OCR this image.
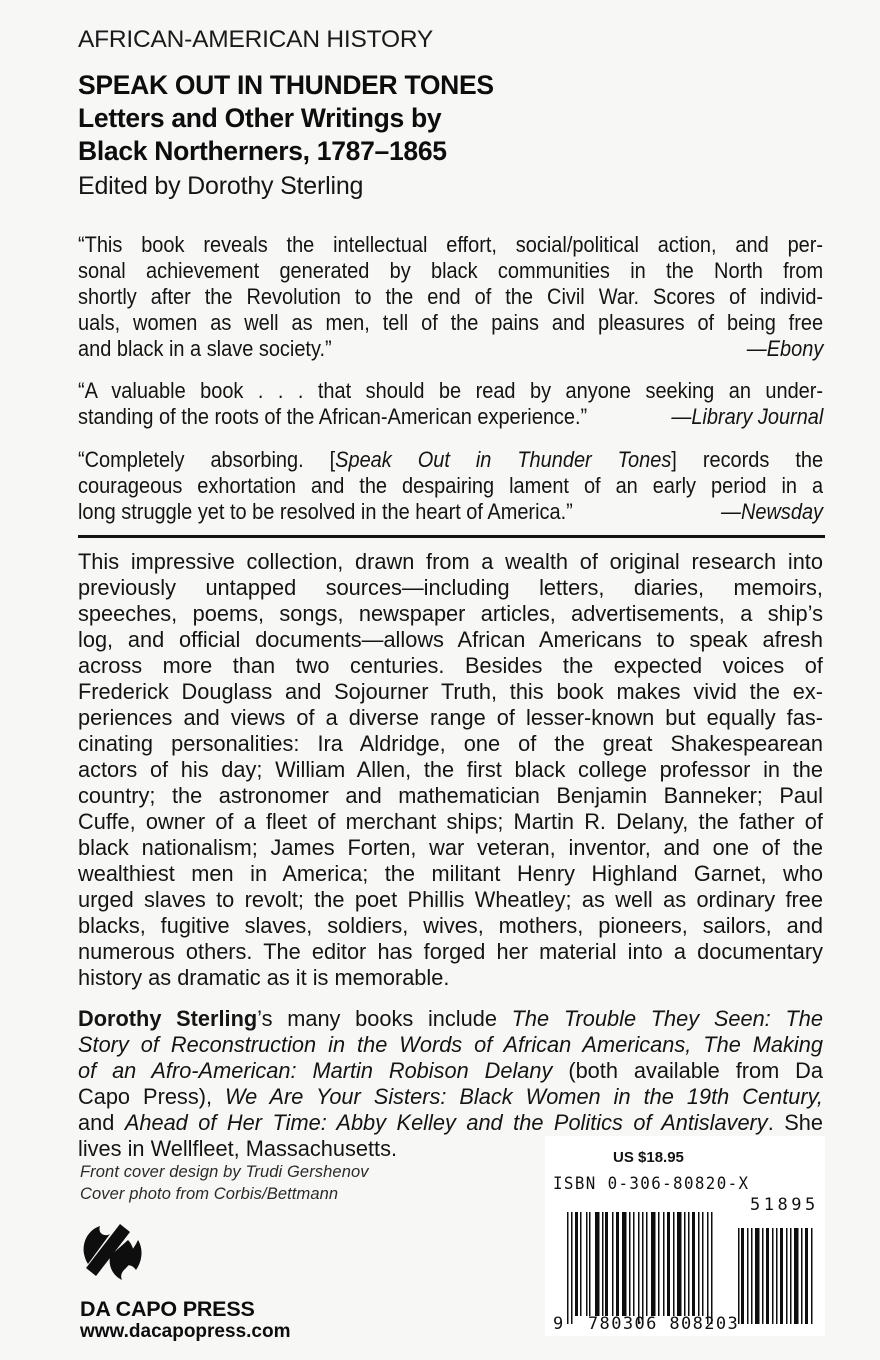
AFRICAN-AMERICAN HISTORY
SPEAK OUT IN THUNDER TONES
Letters and Other Writings by
Black Northerners, 1787–1865
Edited by Dorothy Sterling
“This book reveals the intellectual effort, social/political action, and per-
sonal achievement generated by black communities in the North from
shortly after the Revolution to the end of the Civil War. Scores of individ-
uals, women as well as men, tell of the pains and pleasures of being free
and black in a slave society.”	—Ebony
“A valuable book . . . that should be read by anyone seeking an under-
standing of the roots of the African-American experience.”	—Library Journal
“Completely absorbing. [Speak Out in Thunder Tones] records the
courageous exhortation and the despairing lament of an early period in a
long struggle yet to be resolved in the heart of America.”	—Newsday
This impressive collection, drawn from a wealth of original research into
previously untapped sources—including letters, diaries, memoirs,
speeches, poems, songs, newspaper articles, advertisements, a ship’s
log, and official documents—allows African Americans to speak afresh
across more than two centuries. Besides the expected voices of
Frederick Douglass and Sojourner Truth, this book makes vivid the ex-
periences and views of a diverse range of lesser-known but equally fas-
cinating personalities: Ira Aldridge, one of the great Shakespearean
actors of his day; William Allen, the first black college professor in the
country; the astronomer and mathematician Benjamin Banneker; Paul
Cuffe, owner of a fleet of merchant ships; Martin R. Delany, the father of
black nationalism; James Forten, war veteran, inventor, and one of the
wealthiest men in America; the militant Henry Highland Garnet, who
urged slaves to revolt; the poet Phillis Wheatley; as well as ordinary free
blacks, fugitive slaves, soldiers, wives, mothers, pioneers, sailors, and
numerous others. The editor has forged her material into a documentary
history as dramatic as it is memorable.
Dorothy Sterling’s many books include The Trouble They Seen: The
Story of Reconstruction in the Words of African Americans, The Making
of an Afro-American: Martin Robison Delany (both available from Da
Capo Press), We Are Your Sisters: Black Women in the 19th Century,
and Ahead of Her Time: Abby Kelley and the Politics of Antislavery. She
lives in Wellfleet, Massachusetts.
Front cover design by Trudi Gershenov
Cover photo from Corbis/Bettmann
DA CAPO PRESS
www.dacapopress.com
US $18.95
ISBN 0-306-80820-X
51895
9 780306 808203
